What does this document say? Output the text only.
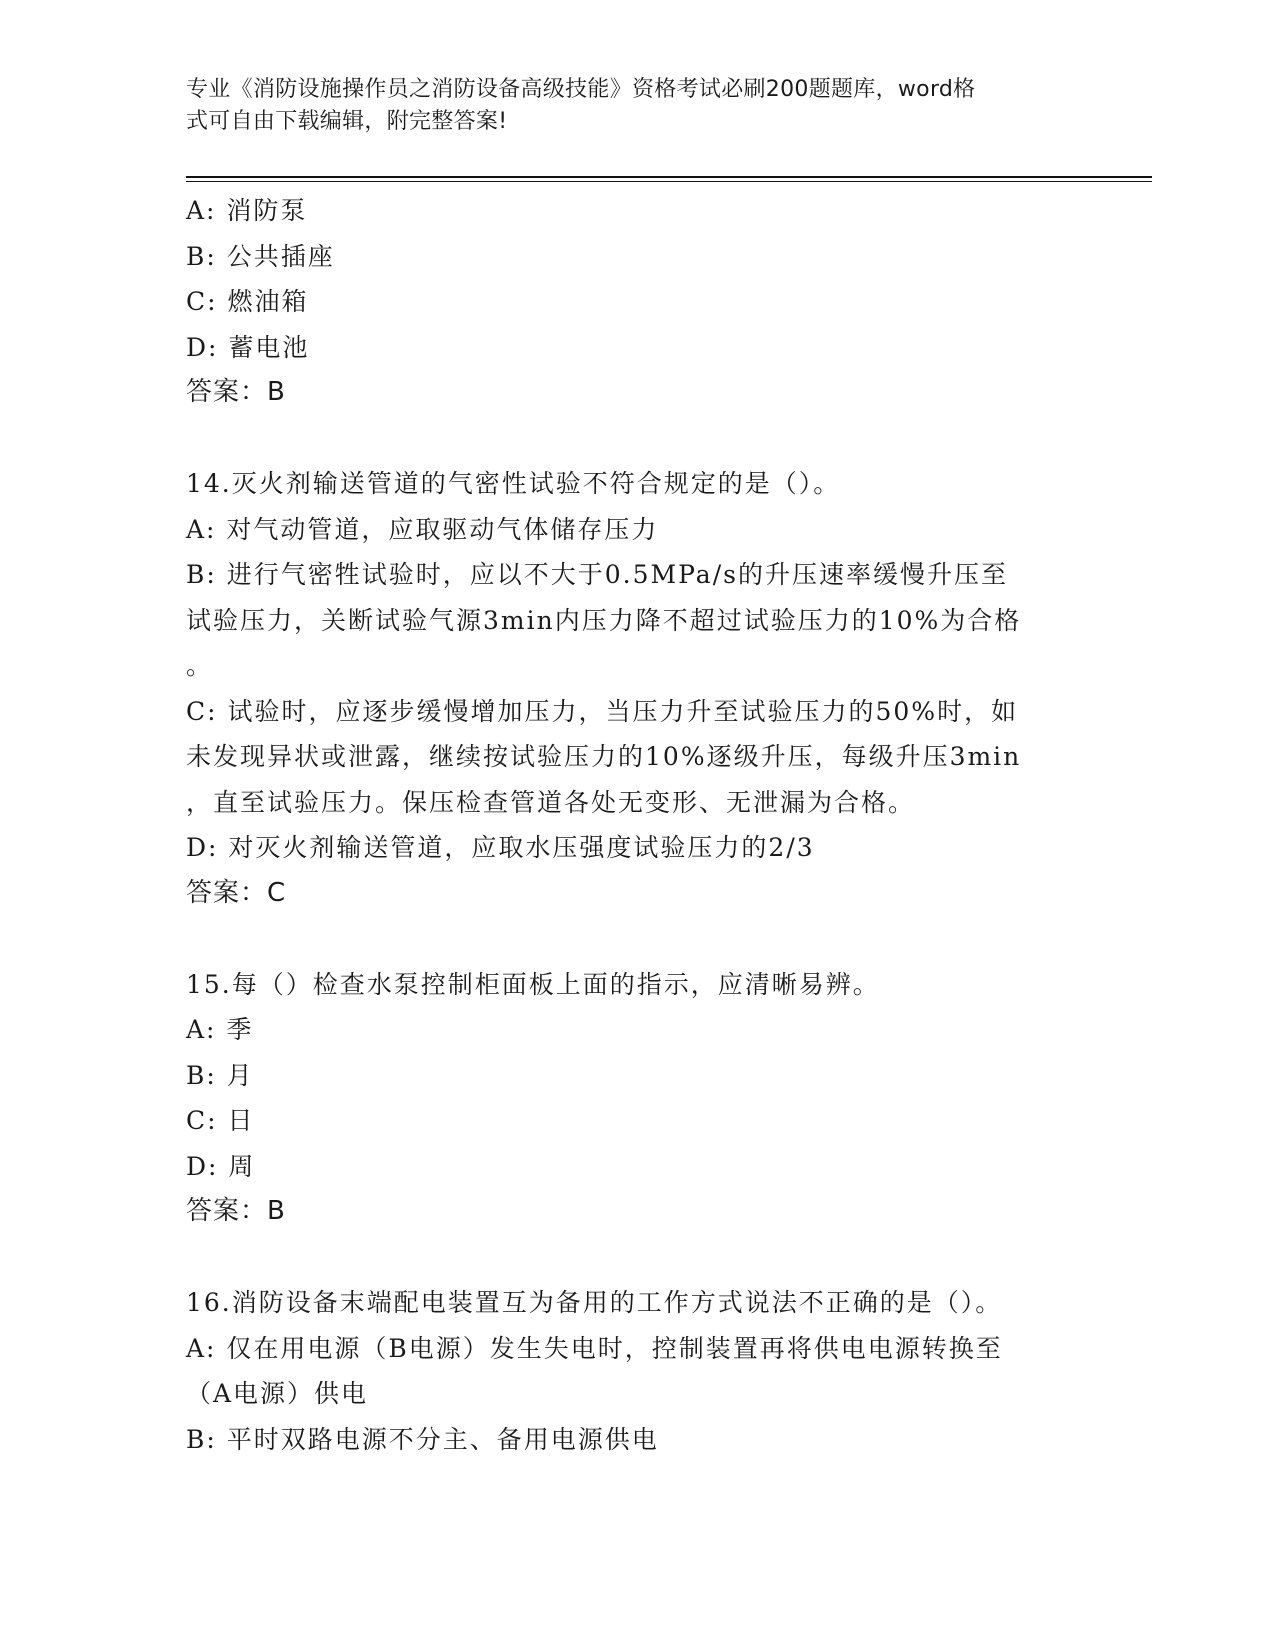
专业《消防设施操作员之消防设备高级技能》资格考试必刷200题题库，word格
式可自由下载编辑，附完整答案!
A: 消防泵
B: 公共插座
C: 燃油箱
D: 蓄电池
答案：B
14.灭火剂输送管道的气密性试验不符合规定的是（）。
A: 对气动管道，应取驱动气体储存压力
B: 进行气密牲试验时，应以不大于0.5MPa/s的升压速率缓慢升压至
试验压力，关断试验气源3min内压力降不超过试验压力的10%为合格
。
C: 试验时，应逐步缓慢增加压力，当压力升至试验压力的50%时，如
未发现异状或泄露，继续按试验压力的10%逐级升压，每级升压3min
，直至试验压力。保压检查管道各处无变形、无泄漏为合格。
D: 对灭火剂输送管道，应取水压强度试验压力的2/3
答案：C
15.每（）检查水泵控制柜面板上面的指示，应清晰易辨。
A: 季
B: 月
C: 日
D: 周
答案：B
16.消防设备末端配电装置互为备用的工作方式说法不正确的是（）。
A: 仅在用电源（B电源）发生失电时，控制装置再将供电电源转换至
（A电源）供电
B: 平时双路电源不分主、备用电源供电
